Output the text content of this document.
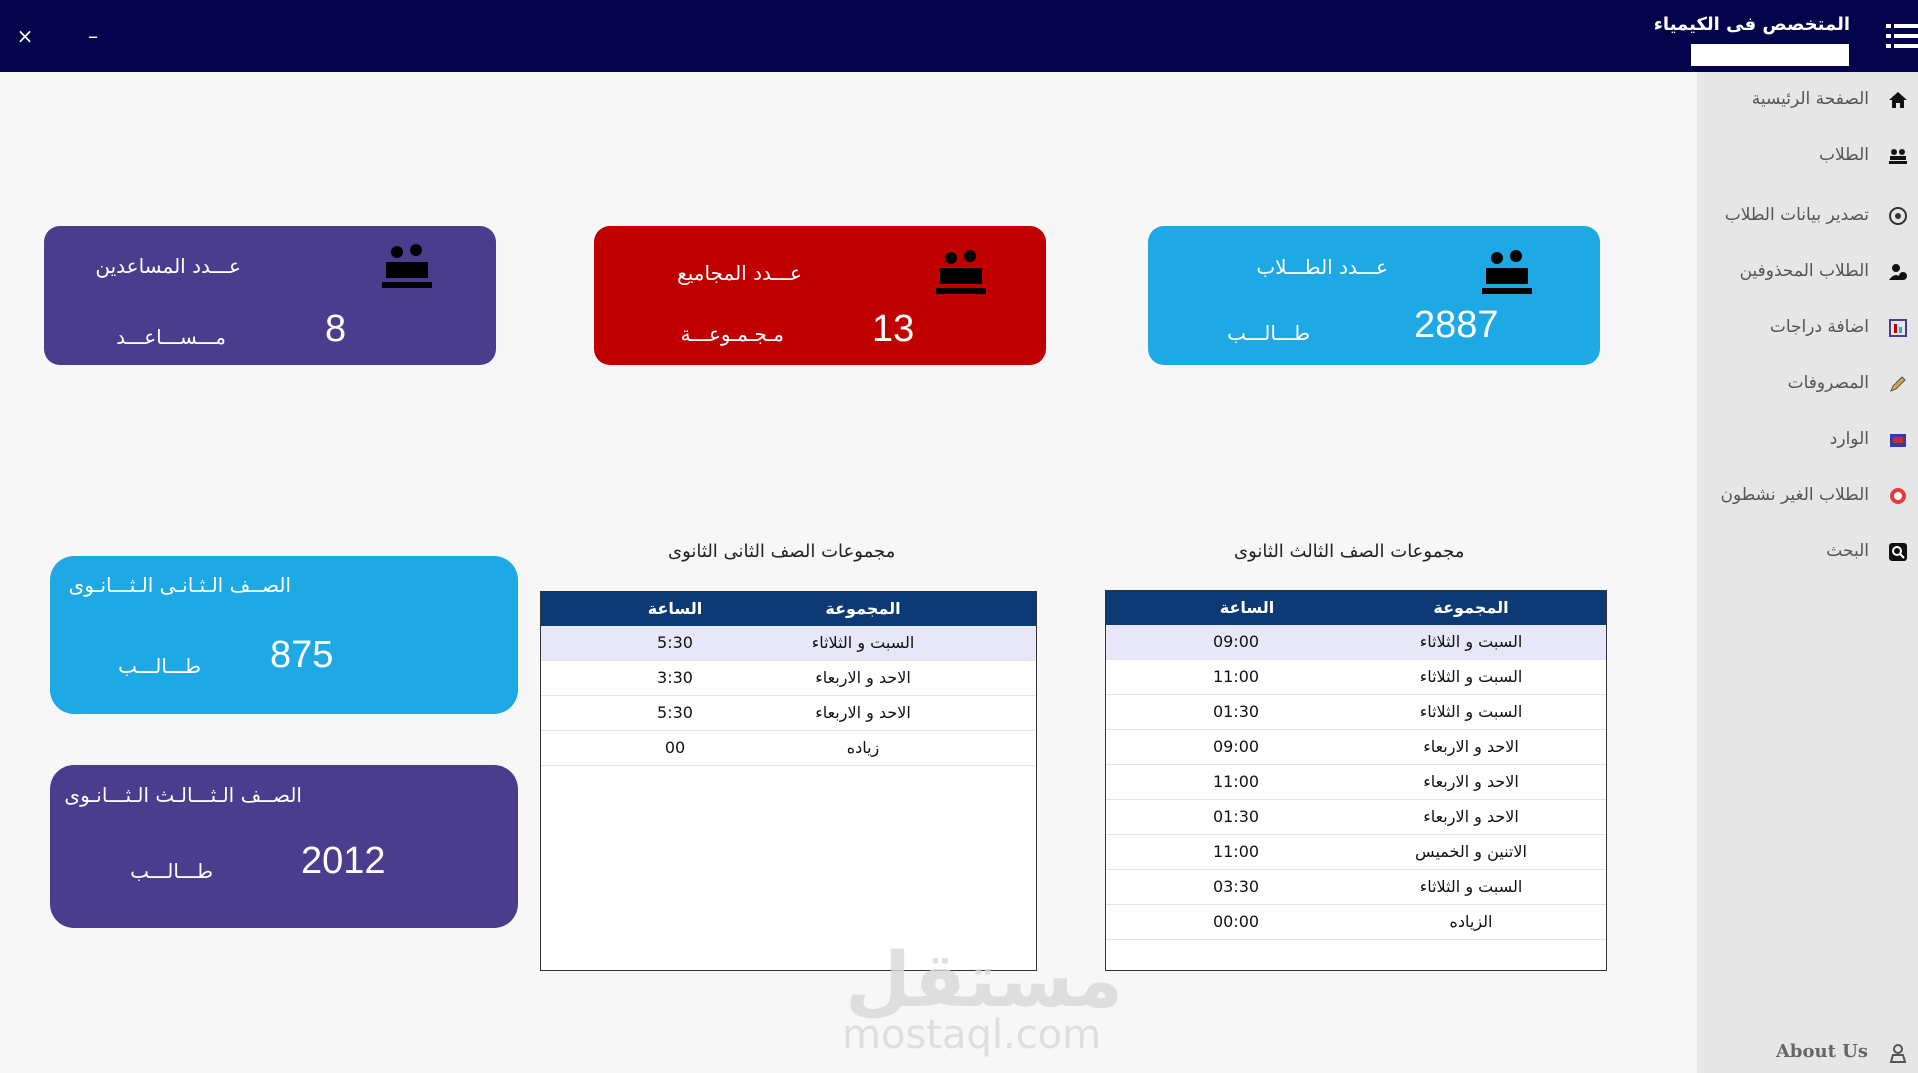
×	–	المتخصص فى الكيمياء
الصفحة الرئيسية
الطلاب
تصدير بيانات الطلاب
الطلاب المحذوفين
اضافة دراجات
المصروفات
الوارد
الطلاب الغير نشطون
البحث
About Us
عـــدد المساعدين
8
مـــســـاعـــد
عـــدد المجاميع
13
مـجـمـوعـــة
عـــدد الطـــلاب
2887
طـــالـــب
الصــف الـثـانـى الـثـــانـوى
875
طـــالـــب
الصــف الـثـــالـث الـثـــانـوى
2012
طـــالـــب
مجموعات الصف الثانى الثانوى
المجموعة
الساعة
السبت و الثلاثاء
5:30
الاحد و الاربعاء
3:30
الاحد و الاربعاء
5:30
زياده
00
مجموعات الصف الثالث الثانوى
المجموعة
الساعة
السبت و الثلاثاء
09:00
السبت و الثلاثاء
11:00
السبت و الثلاثاء
01:30
الاحد و الاربعاء
09:00
الاحد و الاربعاء
11:00
الاحد و الاربعاء
01:30
الاتنين و الخميس
11:00
السبت و الثلاثاء
03:30
الزياده
00:00
مستقل
mostaql.com
